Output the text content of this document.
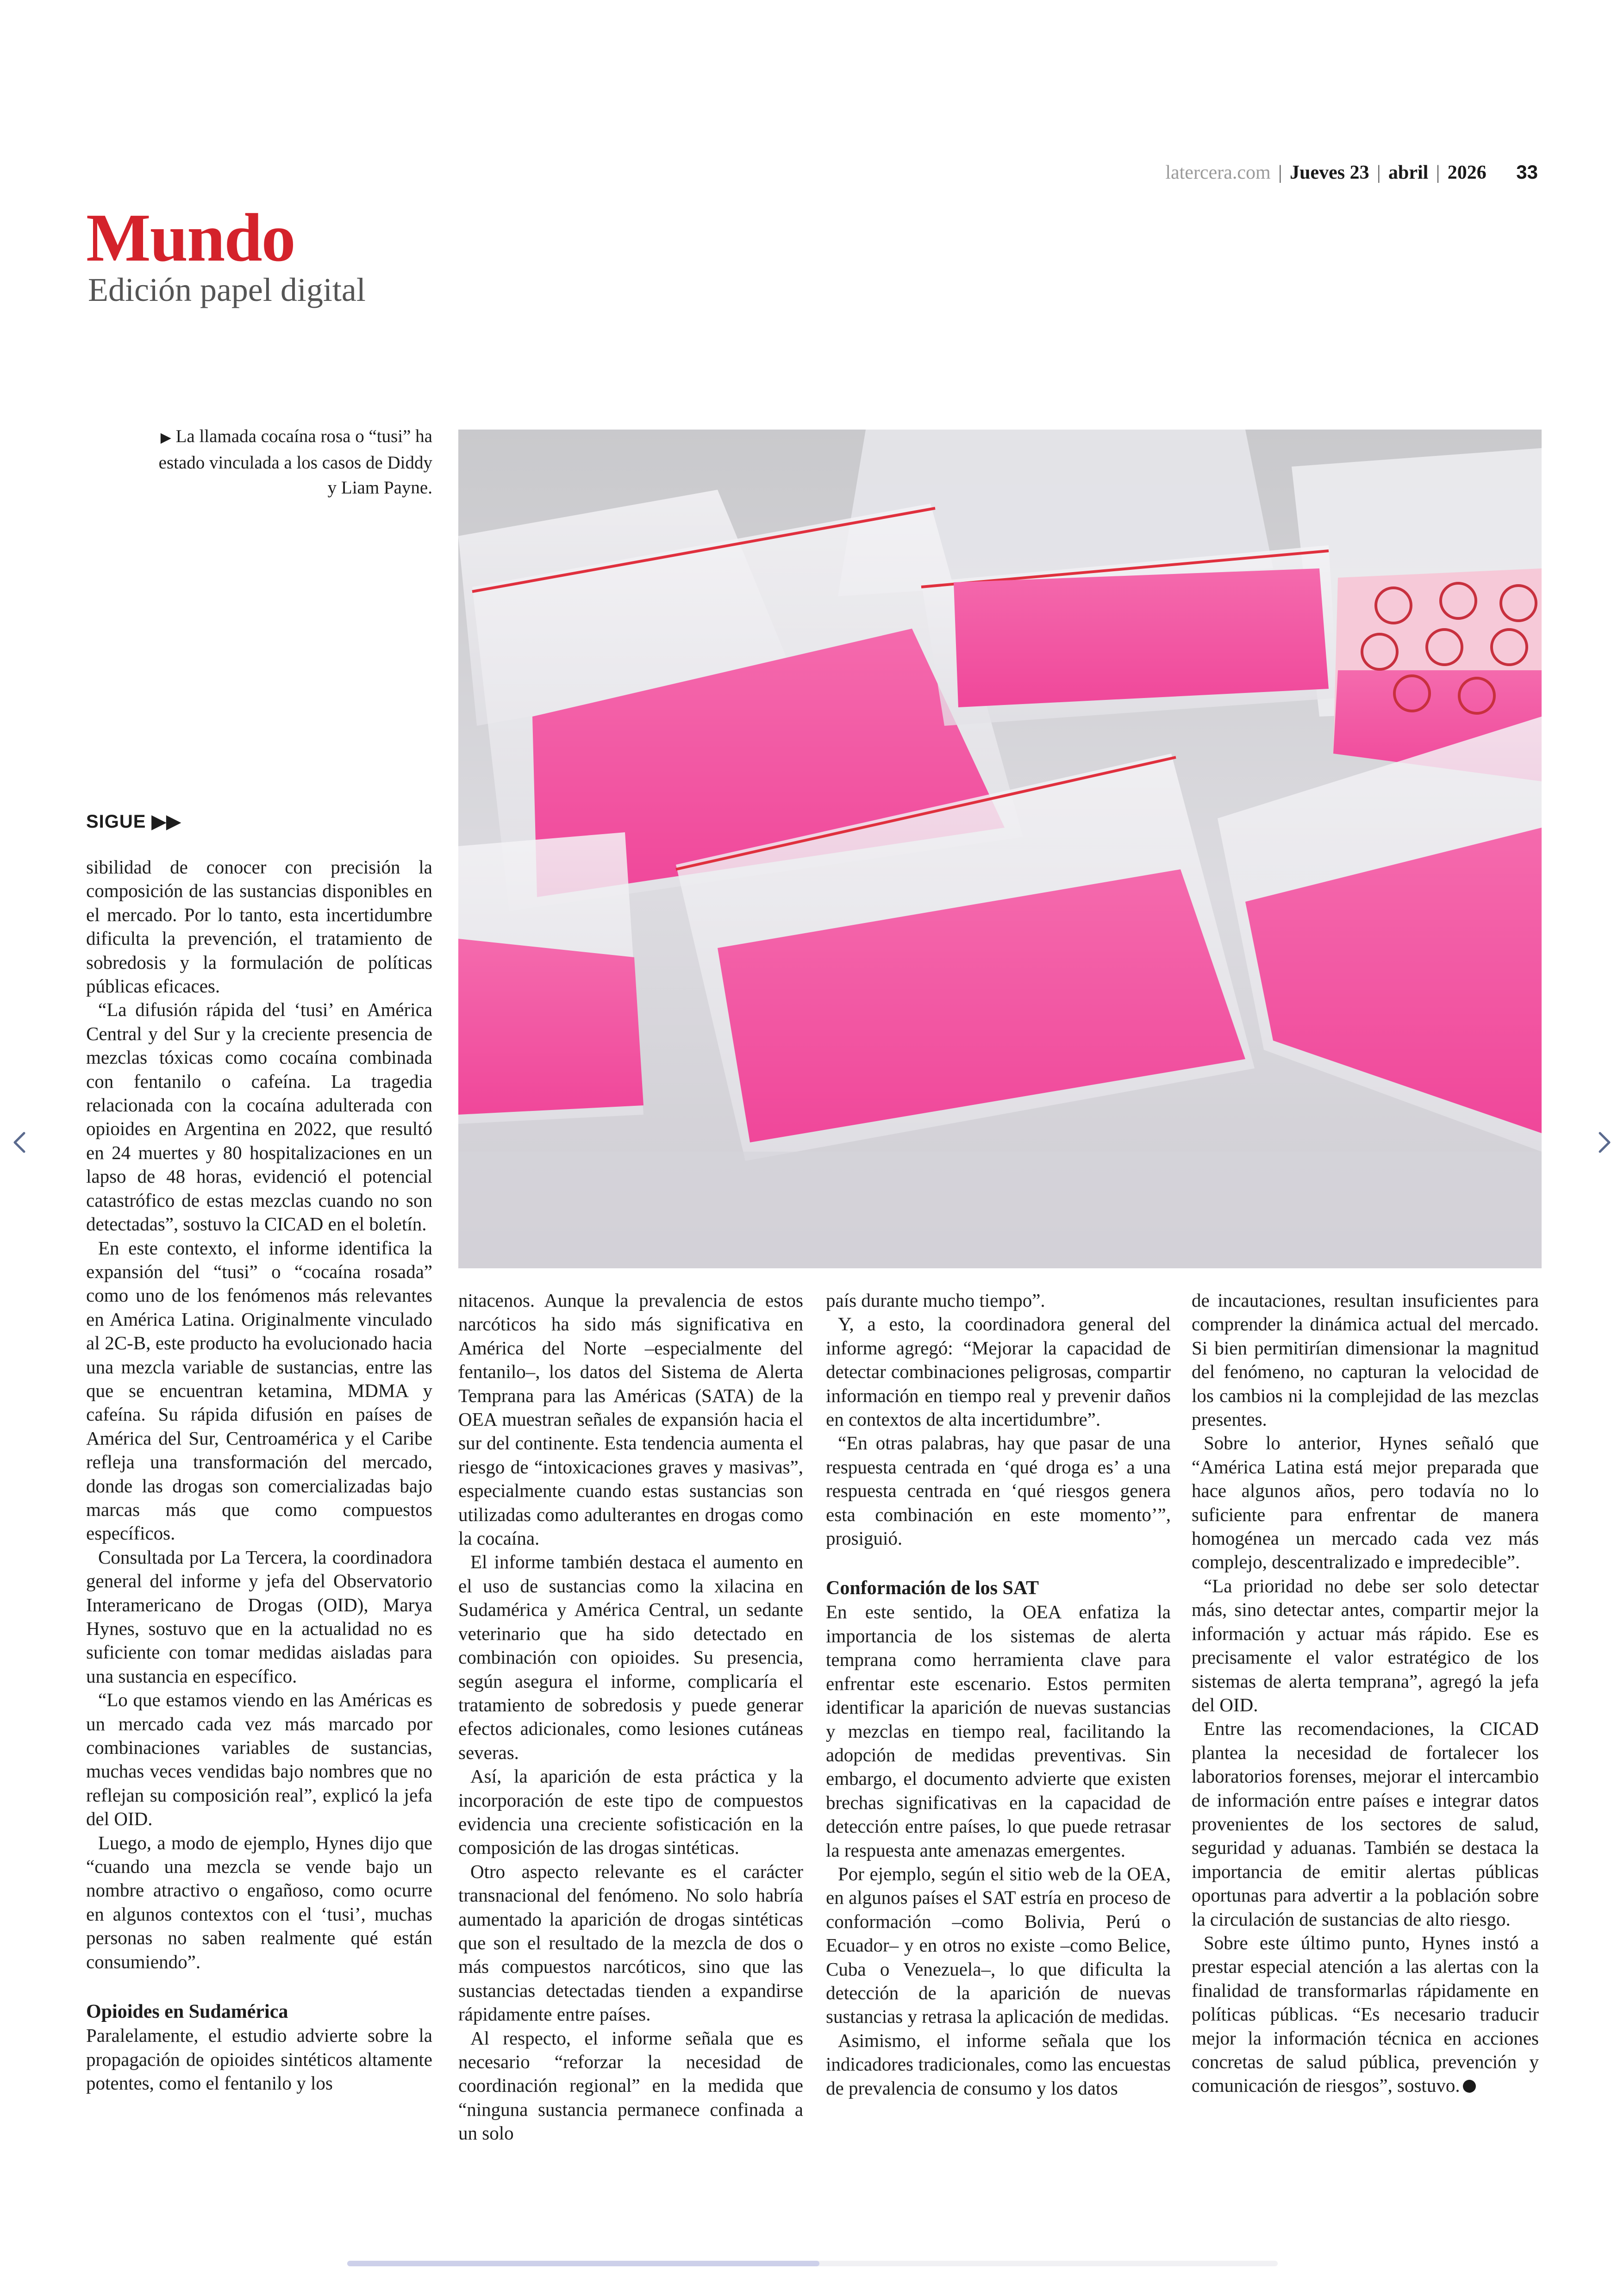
latercera.com | Jueves 23 | abril | 2026 33
Mundo
Edición papel digital
▶ La llamada cocaína rosa o “tusi” ha estado vinculada a los casos de Diddy y Liam Payne.
SIGUE ▶▶

sibilidad de conocer con precisión la composición de las sustancias disponibles en el mercado. Por lo tanto, esta incertidumbre dificulta la prevención, el tratamiento de sobredosis y la formulación de políticas públicas eficaces.

“La difusión rápida del ‘tusi’ en América Central y del Sur y la creciente presencia de mezclas tóxicas como cocaína combinada con fentanilo o cafeína. La tragedia relacionada con la cocaína adulterada con opioides en Argentina en 2022, que resultó en 24 muertes y 80 hospitalizaciones en un lapso de 48 horas, evidenció el potencial catastrófico de estas mezclas cuando no son detectadas”, sostuvo la CICAD en el boletín.

En este contexto, el informe identifica la expansión del “tusi” o “cocaína rosada” como uno de los fenómenos más relevantes en América Latina. Originalmente vinculado al 2C-B, este producto ha evolucionado hacia una mezcla variable de sustancias, entre las que se encuentran ketamina, MDMA y cafeína. Su rápida difusión en países de América del Sur, Centroamérica y el Caribe refleja una transformación del mercado, donde las drogas son comercializadas bajo marcas más que como compuestos específicos.

Consultada por La Tercera, la coordinadora general del informe y jefa del Observatorio Interamericano de Drogas (OID), Marya Hynes, sostuvo que en la actualidad no es suficiente con tomar medidas aisladas para una sustancia en específico.

“Lo que estamos viendo en las Américas es un mercado cada vez más marcado por combinaciones variables de sustancias, muchas veces vendidas bajo nombres que no reflejan su composición real”, explicó la jefa del OID.

Luego, a modo de ejemplo, Hynes dijo que “cuando una mezcla se vende bajo un nombre atractivo o engañoso, como ocurre en algunos contextos con el ‘tusi’, muchas personas no saben realmente qué están consumiendo”.

Opioides en Sudamérica

Paralelamente, el estudio advierte sobre la propagación de opioides sintéticos altamente potentes, como el fentanilo y los

nitacenos. Aunque la prevalencia de estos narcóticos ha sido más significativa en América del Norte –especialmente del fentanilo–, los datos del Sistema de Alerta Temprana para las Américas (SATA) de la OEA muestran señales de expansión hacia el sur del continente. Esta tendencia aumenta el riesgo de “intoxicaciones graves y masivas”, especialmente cuando estas sustancias son utilizadas como adulterantes en drogas como la cocaína.

El informe también destaca el aumento en el uso de sustancias como la xilacina en Sudamérica y América Central, un sedante veterinario que ha sido detectado en combinación con opioides. Su presencia, según asegura el informe, complicaría el tratamiento de sobredosis y puede generar efectos adicionales, como lesiones cutáneas severas.

Así, la aparición de esta práctica y la incorporación de este tipo de compuestos evidencia una creciente sofisticación en la composición de las drogas sintéticas.

Otro aspecto relevante es el carácter transnacional del fenómeno. No solo habría aumentado la aparición de drogas sintéticas que son el resultado de la mezcla de dos o más compuestos narcóticos, sino que las sustancias detectadas tienden a expandirse rápidamente entre países.

Al respecto, el informe señala que es necesario “reforzar la necesidad de coordinación regional” en la medida que “ninguna sustancia permanece confinada a un solo

país durante mucho tiempo”.

Y, a esto, la coordinadora general del informe agregó: “Mejorar la capacidad de detectar combinaciones peligrosas, compartir información en tiempo real y prevenir daños en contextos de alta incertidumbre”.

“En otras palabras, hay que pasar de una respuesta centrada en ‘qué droga es’ a una respuesta centrada en ‘qué riesgos genera esta combinación en este momento’”, prosiguió.

Conformación de los SAT

En este sentido, la OEA enfatiza la importancia de los sistemas de alerta temprana como herramienta clave para enfrentar este escenario. Estos permiten identificar la aparición de nuevas sustancias y mezclas en tiempo real, facilitando la adopción de medidas preventivas. Sin embargo, el documento advierte que existen brechas significativas en la capacidad de detección entre países, lo que puede retrasar la respuesta ante amenazas emergentes.

Por ejemplo, según el sitio web de la OEA, en algunos países el SAT estría en proceso de conformación –como Bolivia, Perú o Ecuador– y en otros no existe –como Belice, Cuba o Venezuela–, lo que dificulta la detección de la aparición de nuevas sustancias y retrasa la aplicación de medidas.

Asimismo, el informe señala que los indicadores tradicionales, como las encuestas de prevalencia de consumo y los datos

de incautaciones, resultan insuficientes para comprender la dinámica actual del mercado. Si bien permitirían dimensionar la magnitud del fenómeno, no capturan la velocidad de los cambios ni la complejidad de las mezclas presentes.

Sobre lo anterior, Hynes señaló que “América Latina está mejor preparada que hace algunos años, pero todavía no lo suficiente para enfrentar de manera homogénea un mercado cada vez más complejo, descentralizado e impredecible”.

“La prioridad no debe ser solo detectar más, sino detectar antes, compartir mejor la información y actuar más rápido. Ese es precisamente el valor estratégico de los sistemas de alerta temprana”, agregó la jefa del OID.

Entre las recomendaciones, la CICAD plantea la necesidad de fortalecer los laboratorios forenses, mejorar el intercambio de información entre países e integrar datos provenientes de los sectores de salud, seguridad y aduanas. También se destaca la importancia de emitir alertas públicas oportunas para advertir a la población sobre la circulación de sustancias de alto riesgo.

Sobre este último punto, Hynes instó a prestar especial atención a las alertas con la finalidad de transformarlas rápidamente en políticas públicas. “Es necesario traducir mejor la información técnica en acciones concretas de salud pública, prevención y comunicación de riesgos”, sostuvo.
